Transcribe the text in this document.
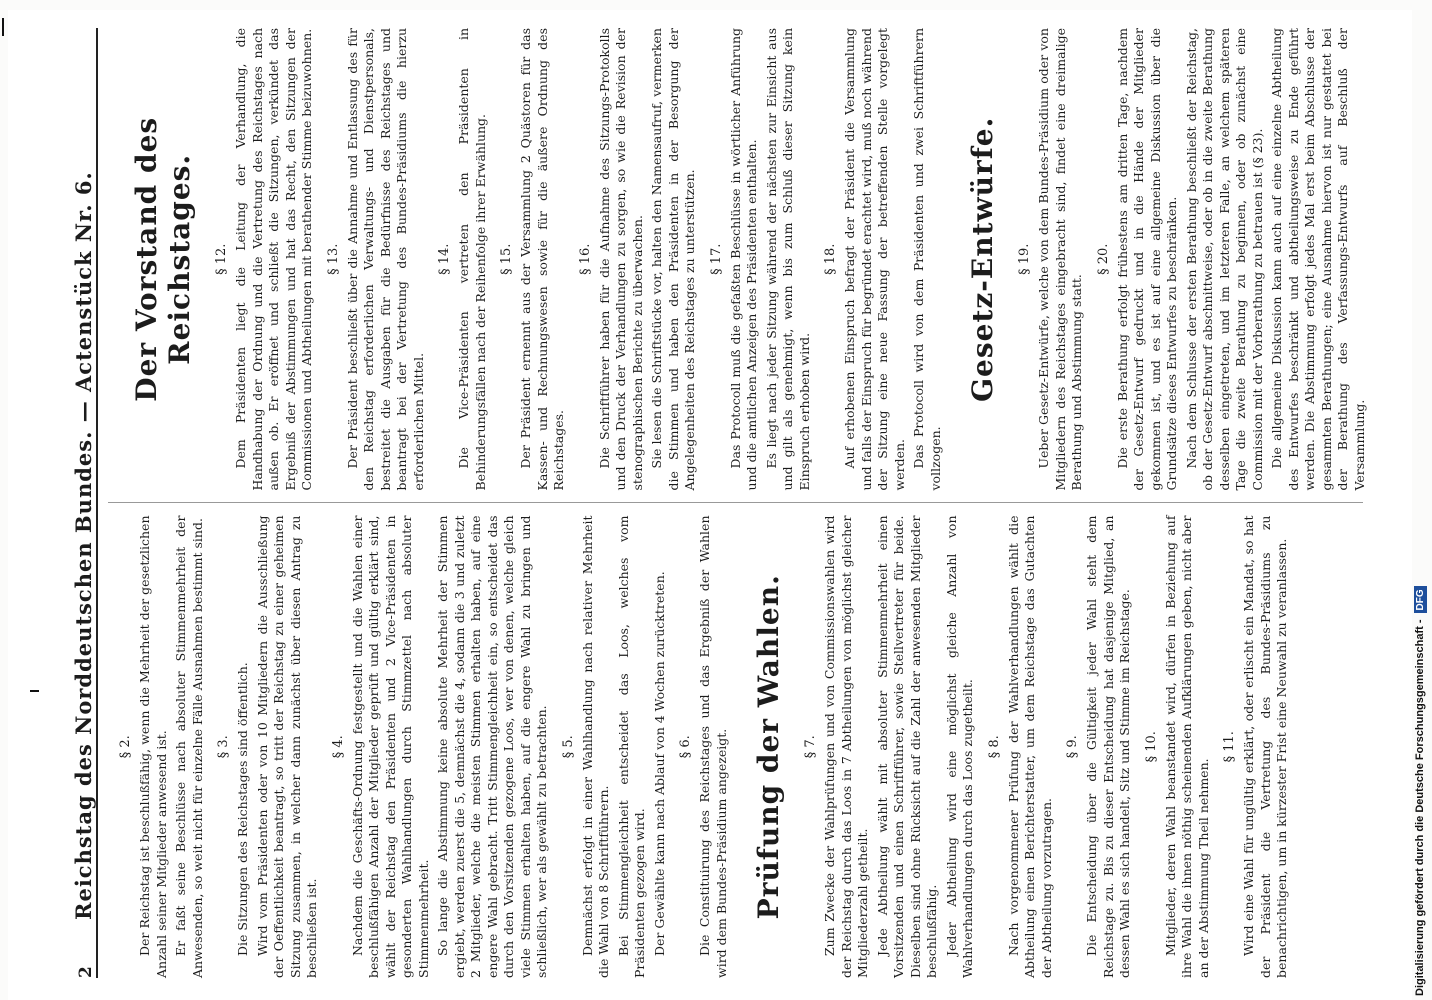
2
Reichstag des Norddeutschen Bundes. — Actenstück Nr. 6. § 2. Der Reichstag ist beschlußfähig, wenn die Mehrheit der gesetzlichen Anzahl seiner Mitglieder anwesend ist. Er faßt seine Beschlüsse nach absoluter Stimmenmehrheit der Anwesenden, so weit nicht für einzelne Fälle Ausnahmen bestimmt sind. § 3. Die Sitzungen des Reichstages sind öffentlich. Wird vom Präsidenten oder von 10 Mitgliedern die Ausschließung der Oeffentlichkeit beantragt, so tritt der Reichstag zu einer geheimen Sitzung zusammen, in welcher dann zunächst über diesen Antrag zu beschließen ist.

§ 4. Nachdem die Geschäfts-Ordnung festgestellt und die Wahlen einer beschlußfähigen Anzahl der Mitglieder geprüft und gültig erklärt sind, wählt der Reichstag den Präsidenten und 2 Vice-Präsidenten in gesonderten Wahlhandlungen durch Stimmzettel nach absoluter Stimmenmehrheit. So lange die Abstimmung keine absolute Mehrheit der Stimmen ergiebt, werden zuerst die 5, demnächst die 4, sodann die 3 und zuletzt 2 Mitglieder, welche die meisten Stimmen erhalten haben, auf eine engere Wahl gebracht. Tritt Stimmengleichheit ein, so entscheidet das durch den Vorsitzenden gezogene Loos, wer von denen, welche gleich viele Stimmen erhalten haben, auf die engere Wahl zu bringen und schließlich, wer als gewählt zu betrachten. § 5. Demnächst erfolgt in einer Wahlhandlung nach relativer Mehrheit die Wahl von 8 Schriftführern. Bei Stimmengleichheit entscheidet das Loos, welches vom Präsidenten gezogen wird. Der Gewählte kann nach Ablauf von 4 Wochen zurücktreten. § 6. Die Constituirung des Reichstages und das Ergebniß der Wahlen wird dem Bundes-Präsidium angezeigt. Prüfung der Wahlen. § 7. Zum Zwecke der Wahlprüfungen und von Commissionswahlen wird der Reichstag durch das Loos in 7 Abtheilungen von möglichst gleicher Mitgliederzahl getheilt. Jede Abtheilung wählt mit absoluter Stimmenmehrheit einen Vorsitzenden und einen Schriftführer, sowie Stellvertreter für beide. Dieselben sind ohne Rücksicht auf die Zahl der anwesenden Mitglieder beschlußfähig. Jeder Abtheilung wird eine möglichst gleiche Anzahl von Wahlverhandlungen durch das Loos zugetheilt. § 8. Nach vorgenommener Prüfung der Wahlverhandlungen wählt die Abtheilung einen Berichterstatter, um dem Reichstage das Gutachten der Abtheilung vorzutragen.

§ 9. Die Entscheidung über die Gültigkeit jeder Wahl steht dem Reichstage zu. Bis zu dieser Entscheidung hat dasjenige Mitglied, an dessen Wahl es sich handelt, Sitz und Stimme im Reichstage. § 10. Mitglieder, deren Wahl beanstandet wird, dürfen in Beziehung auf ihre Wahl die ihnen nöthig scheinenden Aufklärungen geben, nicht aber an der Abstimmung Theil nehmen.

§ 11. Wird eine Wahl für ungültig erklärt, oder erlischt ein Mandat, so hat der Präsident die Vertretung des Bundes-Präsidiums zu benachrichtigen, um in kürzester Frist eine Neuwahl zu veranlassen.

Der Vorstand des Reichstages. § 12. Dem Präsidenten liegt die Leitung der Verhandlung, die Handhabung der Ordnung und die Vertretung des Reichstages nach außen ob. Er eröffnet und schließt die Sitzungen, verkündet das Ergebniß der Abstimmungen und hat das Recht, den Sitzungen der Commissionen und Abtheilungen mit berathender Stimme beizuwohnen. § 13. Der Präsident beschließt über die Annahme und Entlassung des für den Reichstag erforderlichen Verwaltungs- und Dienstpersonals, bestreitet die Ausgaben für die Bedürfnisse des Reichstages und beantragt bei der Vertretung des Bundes-Präsidiums die hierzu erforderlichen Mittel.

§ 14. Die Vice-Präsidenten vertreten den Präsidenten in Behinderungsfällen nach der Reihenfolge ihrer Erwählung. § 15. Der Präsident ernennt aus der Versammlung 2 Quästoren für das Kassen- und Rechnungswesen sowie für die äußere Ordnung des Reichstages.

§ 16. Die Schriftführer haben für die Aufnahme des Sitzungs-Protokolls und den Druck der Verhandlungen zu sorgen, so wie die Revision der stenographischen Berichte zu überwachen. Sie lesen die Schriftstücke vor, halten den Namensaufruf, vermerken die Stimmen und haben den Präsidenten in der Besorgung der Angelegenheiten des Reichstages zu unterstützen. § 17. Das Protocoll muß die gefaßten Beschlüsse in wörtlicher Anführung und die amtlichen Anzeigen des Präsidenten enthalten. Es liegt nach jeder Sitzung während der nächsten zur Einsicht aus und gilt als genehmigt, wenn bis zum Schluß dieser Sitzung kein Einspruch erhoben wird.

§ 18. Auf erhobenen Einspruch befragt der Präsident die Versammlung und falls der Einspruch für begründet erachtet wird, muß noch während der Sitzung eine neue Fassung der betreffenden Stelle vorgelegt werden. Das Protocoll wird von dem Präsidenten und zwei Schriftführern vollzogen.

Gesetz-Entwürfe. § 19. Ueber Gesetz-Entwürfe, welche von dem Bundes-Präsidium oder von Mitgliedern des Reichstages eingebracht sind, findet eine dreimalige Berathung und Abstimmung statt.

§ 20. Die erste Berathung erfolgt frühestens am dritten Tage, nachdem der Gesetz-Entwurf gedruckt und in die Hände der Mitglieder gekommen ist, und es ist auf eine allgemeine Diskussion über die Grundsätze dieses Entwurfes zu beschränken. Nach dem Schlusse der ersten Berathung beschließt der Reichstag, ob der Gesetz-Entwurf abschnittweise, oder ob in die zweite Berathung desselben eingetreten, und im letzteren Falle, an welchem späteren Tage die zweite Berathung zu beginnen, oder ob zunächst eine Commission mit der Vorberathung zu betrauen ist (§ 23). Die allgemeine Diskussion kann auch auf eine einzelne Abtheilung des Entwurfes beschränkt und abtheilungsweise zu Ende geführt werden. Die Abstimmung erfolgt jedes Mal erst beim Abschlusse der gesammten Berathungen; eine Ausnahme hiervon ist nur gestattet bei der Berathung des Verfassungs-Entwurfs auf Beschluß der Versammlung.

Digitalisierung gefördert durch die Deutsche Forschungsgemeinschaft -
DFG
